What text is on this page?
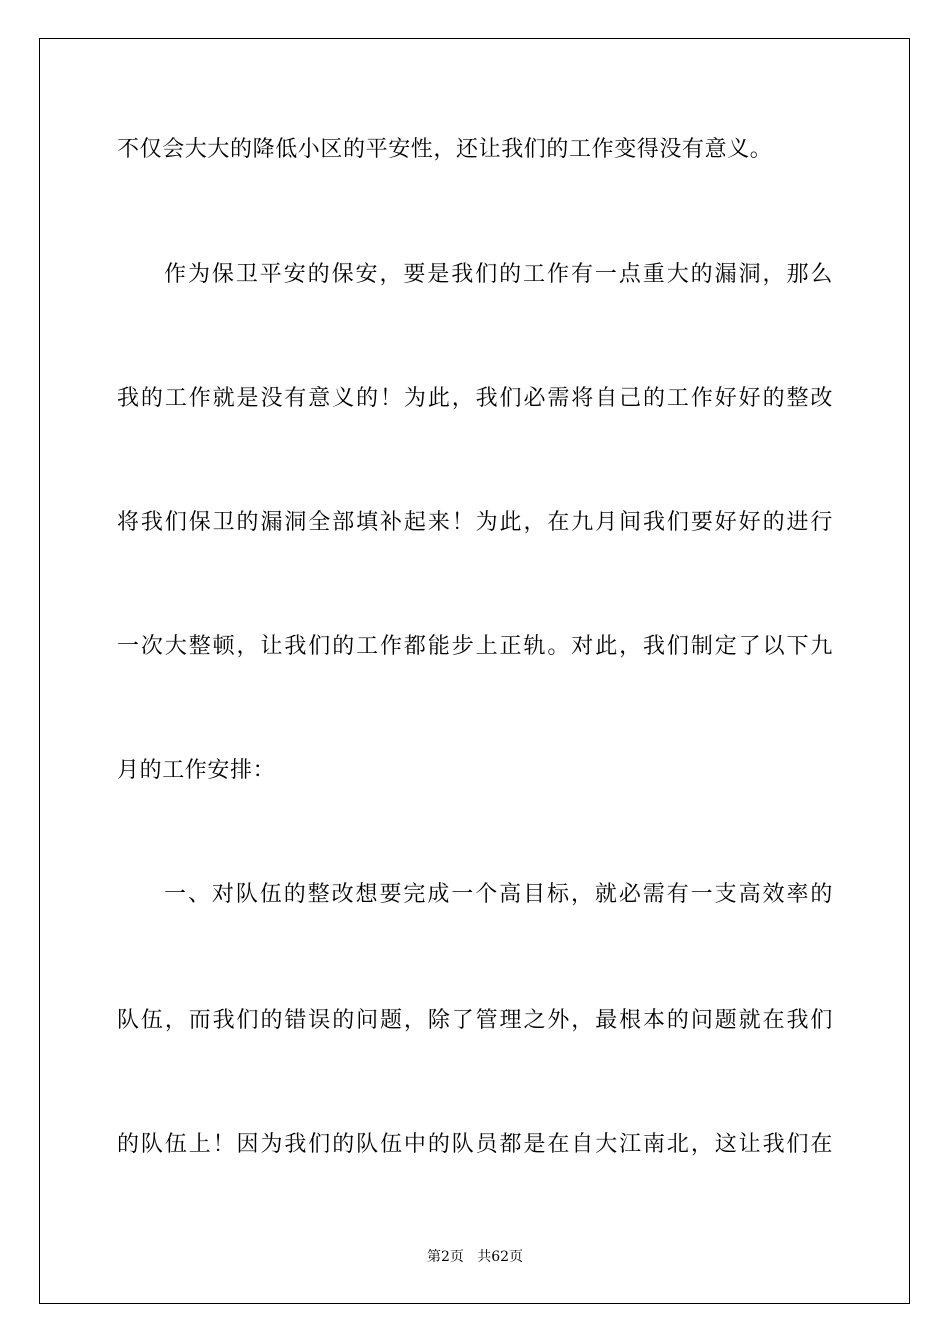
不仅会大大的降低小区的平安性，还让我们的工作变得没有意义。
作为保卫平安的保安，要是我们的工作有一点重大的漏洞，那么
我的工作就是没有意义的！为此，我们必需将自己的工作好好的整改
将我们保卫的漏洞全部填补起来！为此，在九月间我们要好好的进行
一次大整顿，让我们的工作都能步上正轨。对此，我们制定了以下九
月的工作安排：
一、对队伍的整改想要完成一个高目标，就必需有一支高效率的
队伍，而我们的错误的问题，除了管理之外，最根本的问题就在我们
的队伍上！因为我们的队伍中的队员都是在自大江南北，这让我们在
第2页   共62页
